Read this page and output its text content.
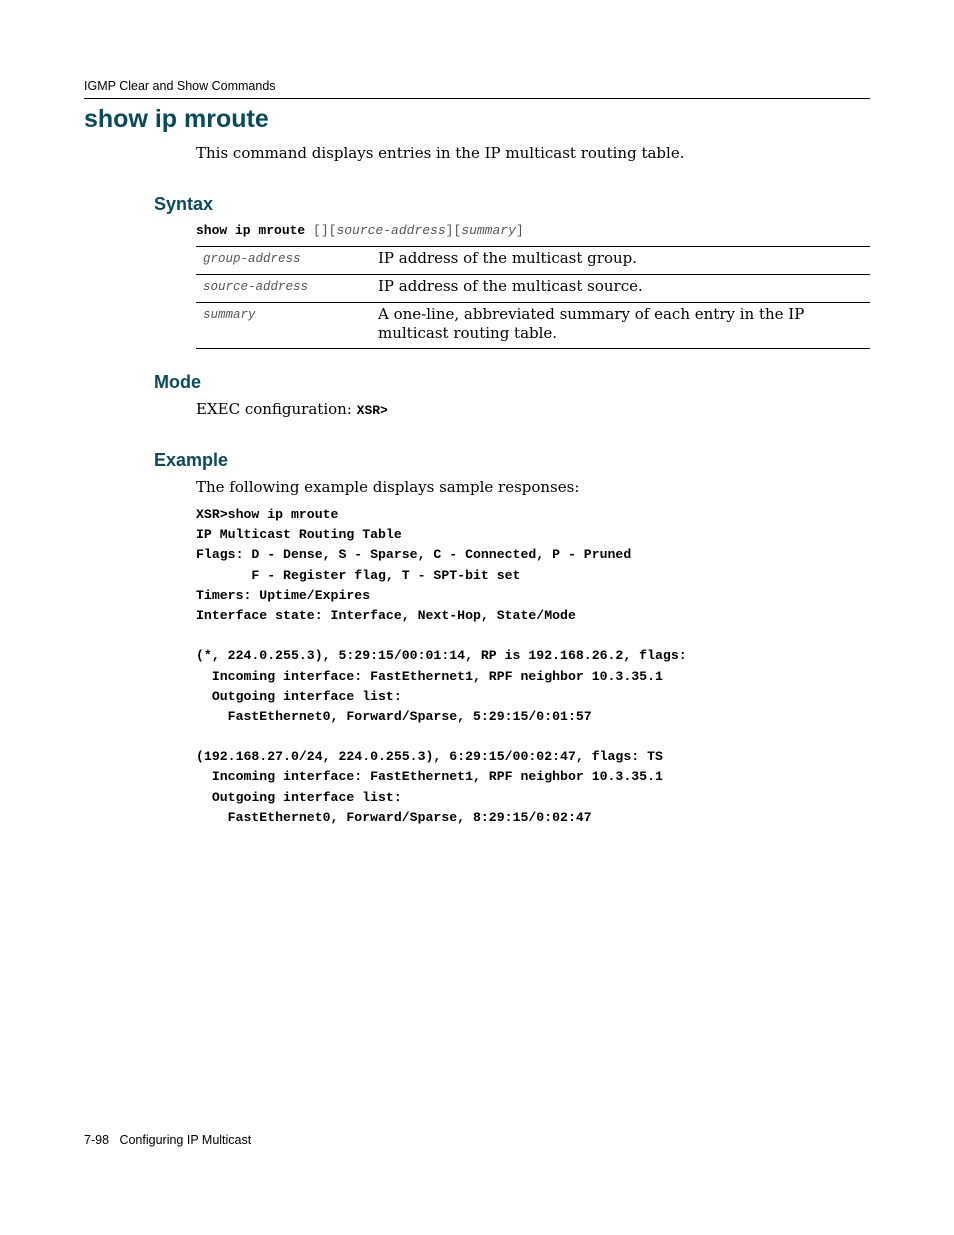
IGMP Clear and Show Commands
show ip mroute
This command displays entries in the IP multicast routing table.
Syntax
show ip mroute [][source-address][summary]
group-address	IP address of the multicast group.
source-address	IP address of the multicast source.
summary	A one-line, abbreviated summary of each entry in the IP multicast routing table.
Mode
EXEC configuration: XSR>
Example
The following example displays sample responses:
XSR>show ip mroute
IP Multicast Routing Table
Flags: D - Dense, S - Sparse, C - Connected, P - Pruned
F - Register flag, T - SPT-bit set
Timers: Uptime/Expires
Interface state: Interface, Next-Hop, State/Mode
(*, 224.0.255.3), 5:29:15/00:01:14, RP is 192.168.26.2, flags:
Incoming interface: FastEthernet1, RPF neighbor 10.3.35.1
Outgoing interface list:
FastEthernet0, Forward/Sparse, 5:29:15/0:01:57
(192.168.27.0/24, 224.0.255.3), 6:29:15/00:02:47, flags: TS
Incoming interface: FastEthernet1, RPF neighbor 10.3.35.1
Outgoing interface list:
FastEthernet0, Forward/Sparse, 8:29:15/0:02:47
7-98 Configuring IP Multicast
